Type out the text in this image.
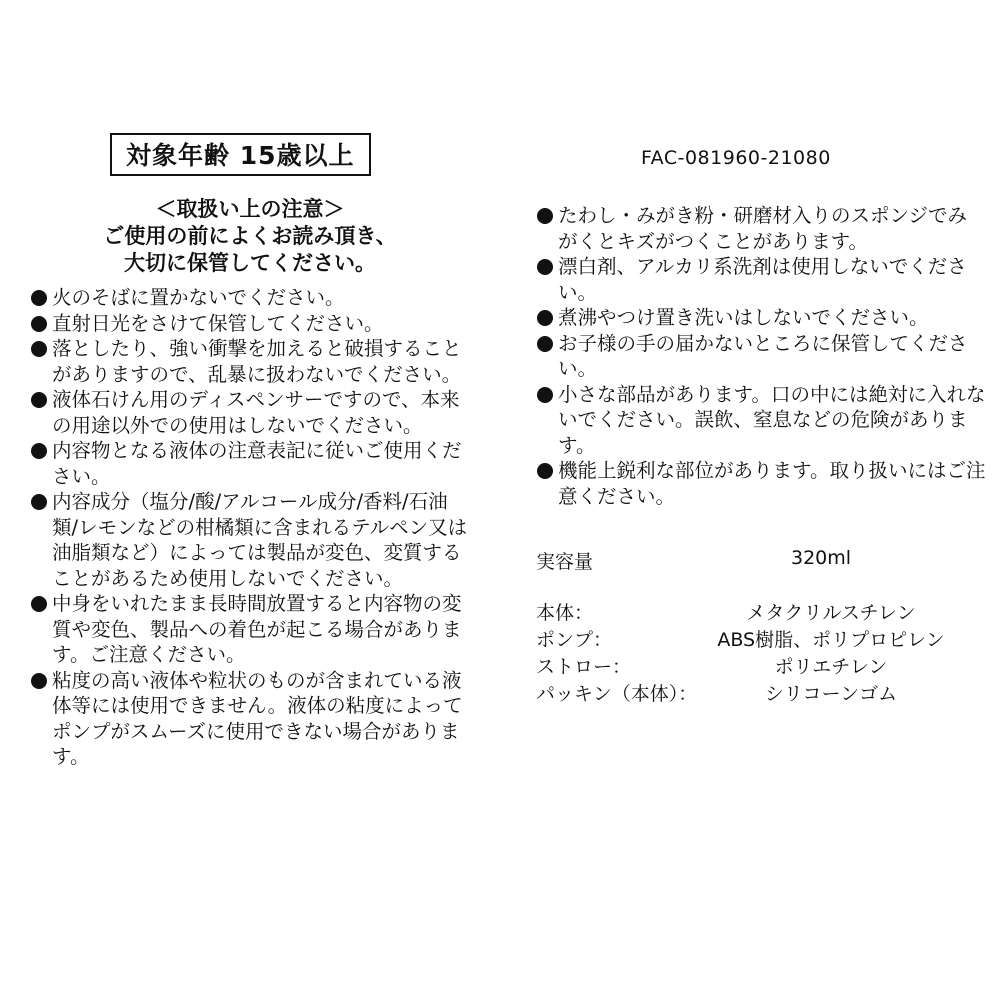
対象年齢 15歳以上	FAC-081960-21080
＜取扱い上の注意＞
ご使用の前によくお読み頂き、
大切に保管してください。
火のそばに置かないでください。
直射日光をさけて保管してください。
落としたり、強い衝撃を加えると破損することがありますので、乱暴に扱わないでください。
液体石けん用のディスペンサーですので、本来の用途以外での使用はしないでください。
内容物となる液体の注意表記に従いご使用ください。
内容成分（塩分/酸/アルコール成分/香料/石油類/レモンなどの柑橘類に含まれるテルペン又は油脂類など）によっては製品が変色、変質することがあるため使用しないでください。
中身をいれたまま長時間放置すると内容物の変質や変色、製品への着色が起こる場合があります。ご注意ください。
粘度の高い液体や粒状のものが含まれている液体等には使用できません。液体の粘度によってポンプがスムーズに使用できない場合があります。
たわし・みがき粉・研磨材入りのスポンジでみがくとキズがつくことがあります。
漂白剤、アルカリ系洗剤は使用しないでください。
煮沸やつけ置き洗いはしないでください。
お子様の手の届かないところに保管してください。
小さな部品があります。口の中には絶対に入れないでください。誤飲、窒息などの危険があります。
機能上鋭利な部位があります。取り扱いにはご注意ください。
実容量	320ml
本体：	メタクリルスチレン
ポンプ：	ABS樹脂、ポリプロピレン
ストロー：	ポリエチレン
パッキン（本体）：	シリコーンゴム
